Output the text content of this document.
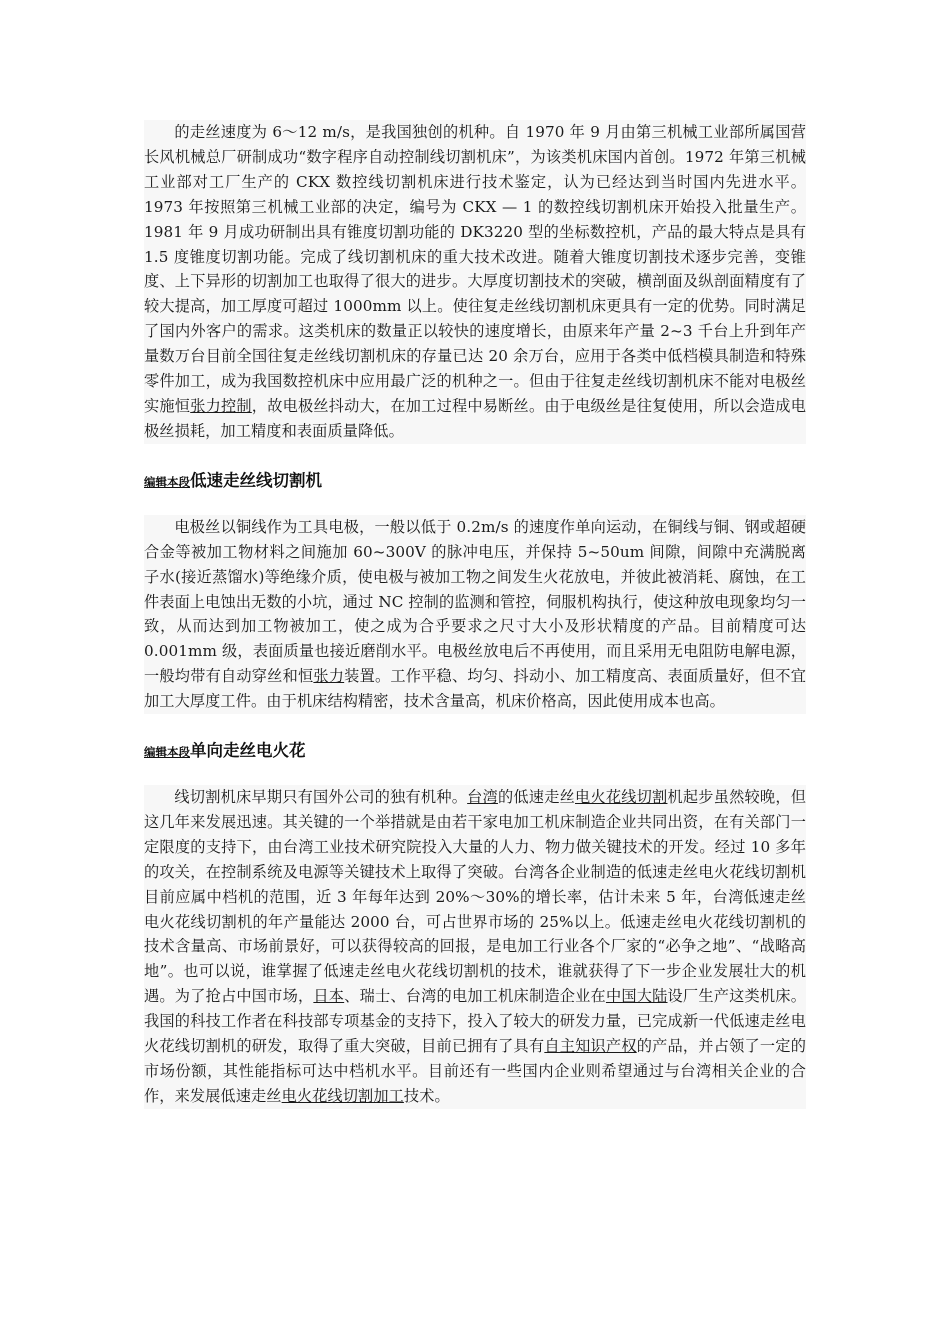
的走丝速度为 6～12 m/s，是我国独创的机种。自 1970 年 9 月由第三机械工业部所属国营长风机械总厂研制成功“数字程序自动控制线切割机床”，为该类机床国内首创。1972 年第三机械工业部对工厂生产的 CKX 数控线切割机床进行技术鉴定，认为已经达到当时国内先进水平。1973 年按照第三机械工业部的决定，编号为 CKX — 1 的数控线切割机床开始投入批量生产。1981 年 9 月成功研制出具有锥度切割功能的 DK3220 型的坐标数控机，产品的最大特点是具有 1.5 度锥度切割功能。完成了线切割机床的重大技术改进。随着大锥度切割技术逐步完善，变锥度、上下异形的切割加工也取得了很大的进步。大厚度切割技术的突破，横剖面及纵剖面精度有了较大提高，加工厚度可超过 1000mm 以上。使往复走丝线切割机床更具有一定的优势。同时满足了国内外客户的需求。这类机床的数量正以较快的速度增长，由原来年产量 2~3 千台上升到年产量数万台目前全国往复走丝线切割机床的存量已达 20 余万台，应用于各类中低档模具制造和特殊零件加工，成为我国数控机床中应用最广泛的机种之一。但由于往复走丝线切割机床不能对电极丝实施恒张力控制，故电极丝抖动大，在加工过程中易断丝。由于电级丝是往复使用，所以会造成电极丝损耗，加工精度和表面质量降低。

编辑本段低速走丝线切割机

电极丝以铜线作为工具电极，一般以低于 0.2m/s 的速度作单向运动，在铜线与铜、钢或超硬合金等被加工物材料之间施加 60~300V 的脉冲电压，并保持 5~50um 间隙，间隙中充满脱离子水(接近蒸馏水)等绝缘介质，使电极与被加工物之间发生火花放电，并彼此被消耗、腐蚀，在工件表面上电蚀出无数的小坑，通过 NC 控制的监测和管控，伺服机构执行，使这种放电现象均匀一致，从而达到加工物被加工，使之成为合乎要求之尺寸大小及形状精度的产品。目前精度可达 0.001mm 级，表面质量也接近磨削水平。电极丝放电后不再使用，而且采用无电阻防电解电源，一般均带有自动穿丝和恒张力装置。工作平稳、均匀、抖动小、加工精度高、表面质量好，但不宜加工大厚度工件。由于机床结构精密，技术含量高，机床价格高，因此使用成本也高。

编辑本段单向走丝电火花

线切割机床早期只有国外公司的独有机种。台湾的低速走丝电火花线切割机起步虽然较晚，但这几年来发展迅速。其关键的一个举措就是由若干家电加工机床制造企业共同出资，在有关部门一定限度的支持下，由台湾工业技术研究院投入大量的人力、物力做关键技术的开发。经过 10 多年的攻关，在控制系统及电源等关键技术上取得了突破。台湾各企业制造的低速走丝电火花线切割机目前应属中档机的范围，近 3 年每年达到 20%～30%的增长率，估计未来 5 年，台湾低速走丝电火花线切割机的年产量能达 2000 台，可占世界市场的 25%以上。低速走丝电火花线切割机的技术含量高、市场前景好，可以获得较高的回报，是电加工行业各个厂家的“必争之地”、“战略高地”。也可以说，谁掌握了低速走丝电火花线切割机的技术，谁就获得了下一步企业发展壮大的机遇。为了抢占中国市场，日本、瑞士、台湾的电加工机床制造企业在中国大陆设厂生产这类机床。我国的科技工作者在科技部专项基金的支持下，投入了较大的研发力量，已完成新一代低速走丝电火花线切割机的研发，取得了重大突破，目前已拥有了具有自主知识产权的产品，并占领了一定的市场份额，其性能指标可达中档机水平。目前还有一些国内企业则希望通过与台湾相关企业的合作，来发展低速走丝电火花线切割加工技术。
